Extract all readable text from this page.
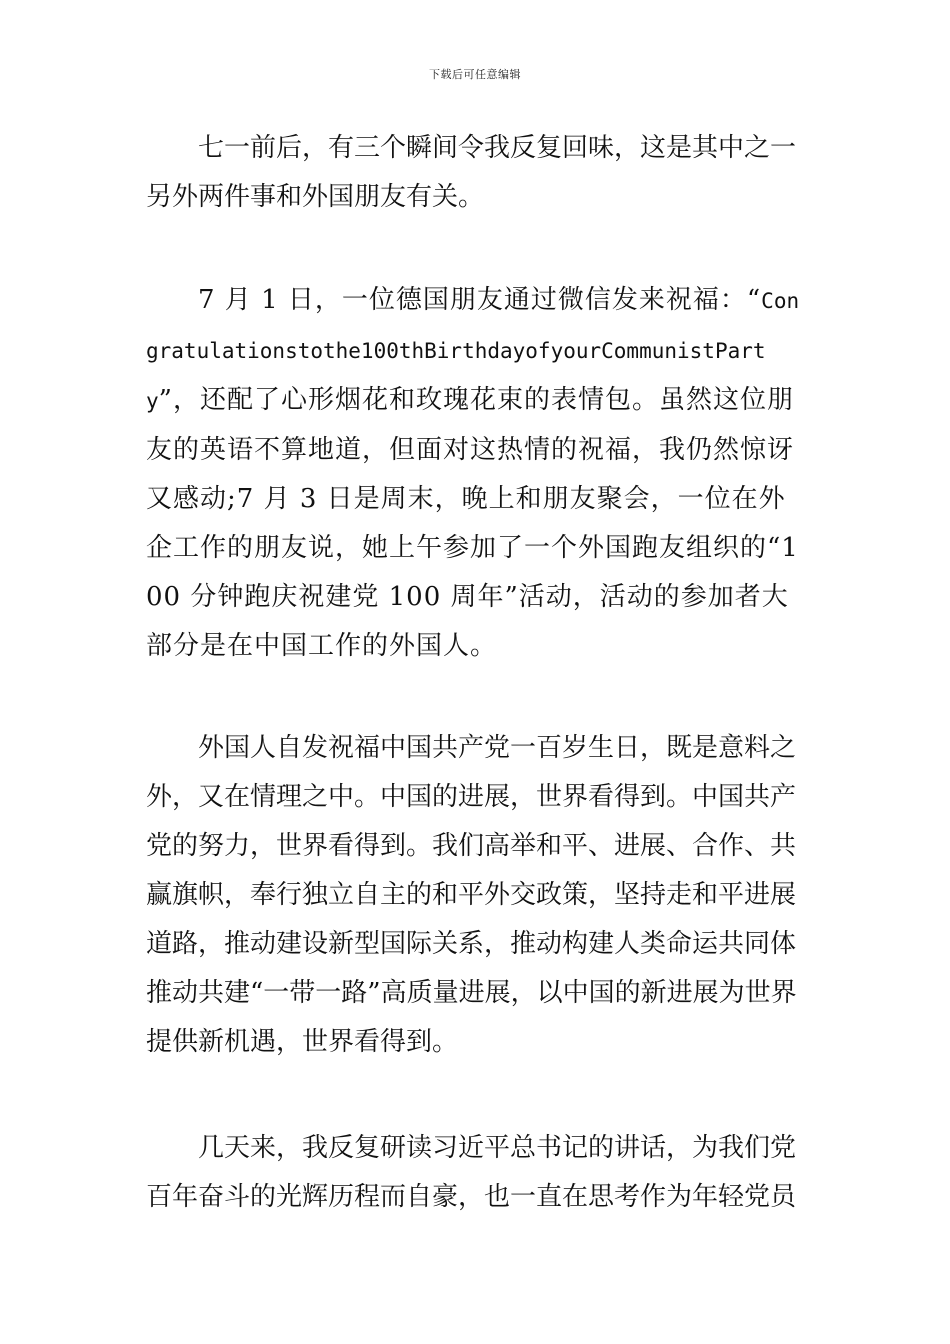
下载后可任意编辑

七一前后，有三个瞬间令我反复回味，这是其中之一另外两件事和外国朋友有关。

7 月 1 日，一位德国朋友通过微信发来祝福：“Congratulationstothe100thBirthdayofyourCommunistParty”，还配了心形烟花和玫瑰花束的表情包。虽然这位朋友的英语不算地道，但面对这热情的祝福，我仍然惊讶又感动;7 月 3 日是周末，晚上和朋友聚会，一位在外企工作的朋友说，她上午参加了一个外国跑友组织的“100 分钟跑庆祝建党 100 周年”活动，活动的参加者大部分是在中国工作的外国人。

外国人自发祝福中国共产党一百岁生日，既是意料之外，又在情理之中。中国的进展，世界看得到。中国共产党的努力，世界看得到。我们高举和平、进展、合作、共赢旗帜，奉行独立自主的和平外交政策，坚持走和平进展道路，推动建设新型国际关系，推动构建人类命运共同体推动共建“一带一路”高质量进展，以中国的新进展为世界提供新机遇，世界看得到。

几天来，我反复研读习近平总书记的讲话，为我们党百年奋斗的光辉历程而自豪，也一直在思考作为年轻党员
